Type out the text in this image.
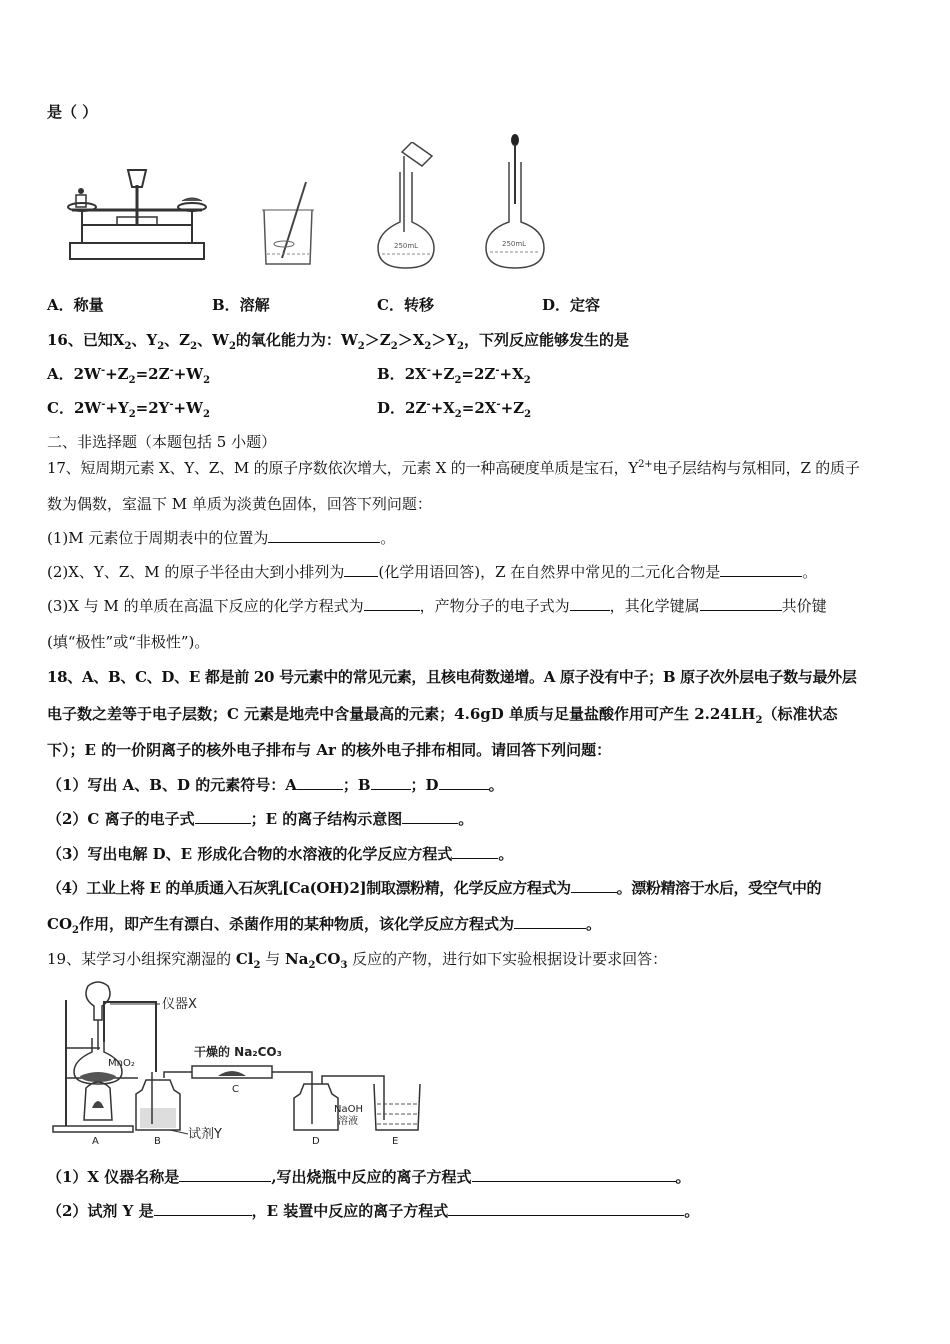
是（ ）
250mL	250mL
A．称量	B．溶解	C．转移	D．定容
16、已知$X_2$、$Y_2$、$Z_2$、$W_2$的氧化能力为：$W_2>Z_2>X_2>Y_2$，下列反应能够发生的是
A．$2W^-+Z_2=2Z^-+W_2$	B．$2X^-+Z_2=2Z^-+X_2$
C．$2W^-+Y_2=2Y^-+W_2$	D．$2Z^-+X_2=2X^-+Z_2$
二、非选择题（本题包括 5 小题）
17、短周期元素 X、Y、Z、M 的原子序数依次增大，元素 X 的一种高硬度单质是宝石，$Y^{2+}$电子层结构与氖相同，Z 的质子
数为偶数，室温下 M 单质为淡黄色固体，回答下列问题：
(1)M 元素位于周期表中的位置为	。
(2)X、Y、Z、M 的原子半径由大到小排列为 (化学用语回答)，Z 在自然界中常见的二元化合物是	。
(3)X 与 M 的单质在高温下反应的化学方程式为	，产物分子的电子式为	，其化学键属	共价键
(填“极性”或“非极性”)。
18、A、B、C、D、E 都是前 20 号元素中的常见元素，且核电荷数递增。A 原子没有中子；B 原子次外层电子数与最外层
电子数之差等于电子层数；C 元素是地壳中含量最高的元素；4.6gD 单质与足量盐酸作用可产生 $2.24LH_2$（标准状态
下）；E 的一价阴离子的核外电子排布与 Ar 的核外电子排布相同。请回答下列问题：
（1）写出 A、B、D 的元素符号：A	；B	；D	。
（2）C 离子的电子式	；E 的离子结构示意图	。
（3）写出电解 D、E 形成化合物的水溶液的化学反应方程式	。
（4）工业上将 E 的单质通入石灰乳[Ca(OH)2]制取漂粉精，化学反应方程式为	。漂粉精溶于水后，受空气中的
$CO_2$作用，即产生有漂白、杀菌作用的某种物质，该化学反应方程式为	。
19、某学习小组探究潮湿的 $Cl_2$ 与 $Na_2CO_3$ 反应的产物，进行如下实验根据设计要求回答：
仪器X
MnO₂
试剂Y
干燥的 Na₂CO₃
C
NaOH
溶液
A	B	D	E
（1）X 仪器名称是	,写出烧瓶中反应的离子方程式	。
（2）试剂 Y 是	，E 装置中反应的离子方程式	。
